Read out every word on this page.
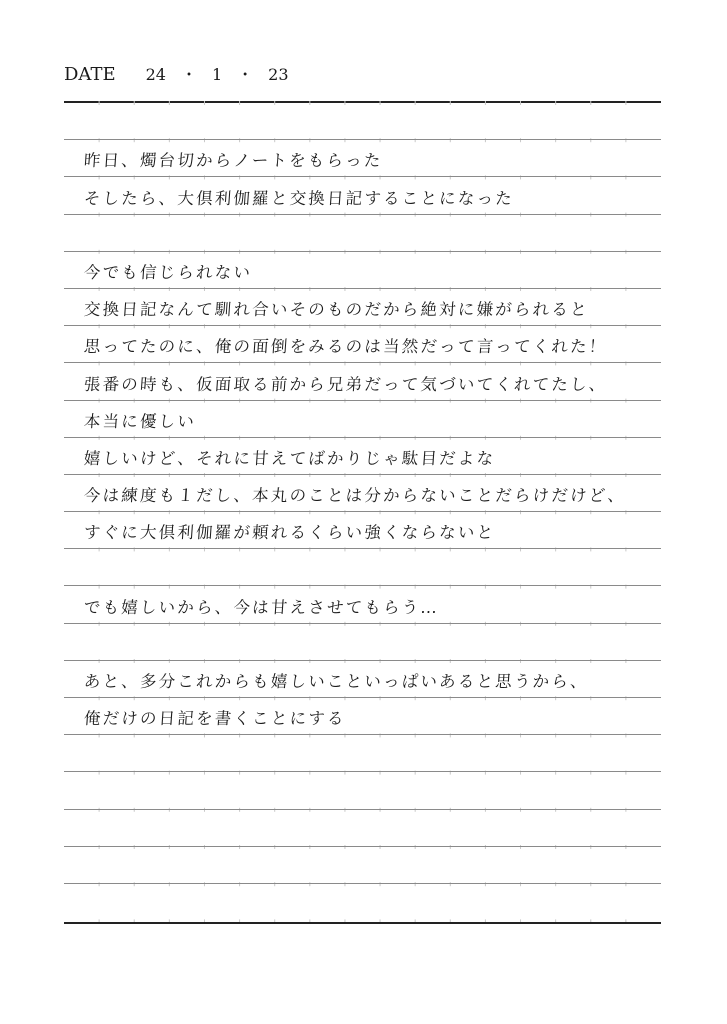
DATE 24 ・ 1 ・ 23
昨日、燭台切からノートをもらった
そしたら、大倶利伽羅と交換日記することになった
今でも信じられない
交換日記なんて馴れ合いそのものだから絶対に嫌がられると
思ってたのに、俺の面倒をみるのは当然だって言ってくれた！
張番の時も、仮面取る前から兄弟だって気づいてくれてたし、
本当に優しい
嬉しいけど、それに甘えてばかりじゃ駄目だよな
今は練度も１だし、本丸のことは分からないことだらけだけど、
すぐに大倶利伽羅が頼れるくらい強くならないと
でも嬉しいから、今は甘えさせてもらう…
あと、多分これからも嬉しいこといっぱいあると思うから、
俺だけの日記を書くことにする
